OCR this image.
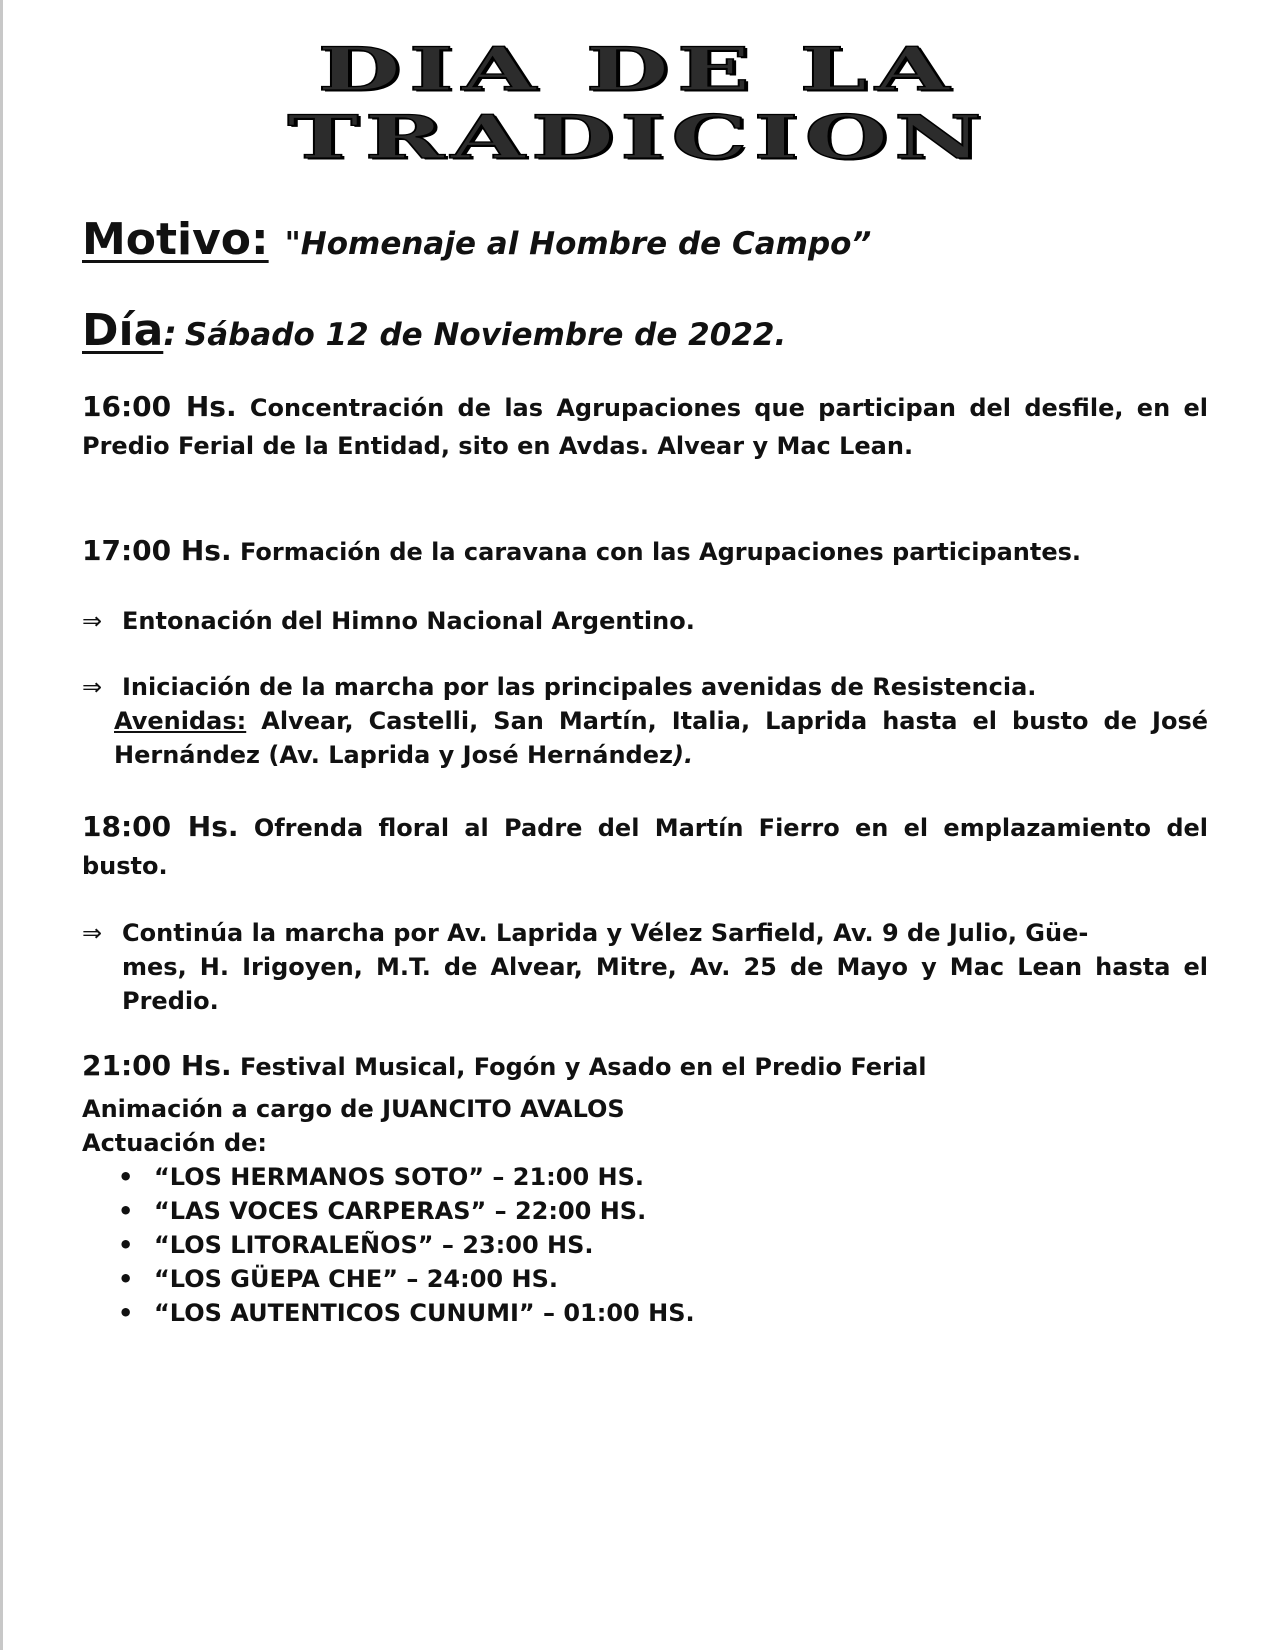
DIA DE LA
TRADICION
Motivo: "Homenaje al Hombre de Campo”
Día: Sábado 12 de Noviembre de 2022.
16:00 Hs. Concentración de las Agrupaciones que participan del desfile, en el Predio Ferial de la Entidad, sito en Avdas. Alvear y Mac Lean.
17:00 Hs. Formación de la caravana con las Agrupaciones participantes.
⇒ Entonación del Himno Nacional Argentino.
⇒ Iniciación de la marcha por las principales avenidas de Resistencia.
Avenidas: Alvear, Castelli, San Martín, Italia, Laprida hasta el busto de José Hernández (Av. Laprida y José Hernández).
18:00 Hs. Ofrenda floral al Padre del Martín Fierro en el emplazamiento del busto.
⇒ Continúa la marcha por Av. Laprida y Vélez Sarfield, Av. 9 de Julio, Güe-
mes, H. Irigoyen, M.T. de Alvear, Mitre, Av. 25 de Mayo y Mac Lean hasta el Predio.
21:00 Hs. Festival Musical, Fogón y Asado en el Predio Ferial
Animación a cargo de JUANCITO AVALOS
Actuación de:
• “LOS HERMANOS SOTO” – 21:00 HS.
• “LAS VOCES CARPERAS” – 22:00 HS.
• “LOS LITORALEÑOS” – 23:00 HS.
• “LOS GÜEPA CHE” – 24:00 HS.
• “LOS AUTENTICOS CUNUMI” – 01:00 HS.
